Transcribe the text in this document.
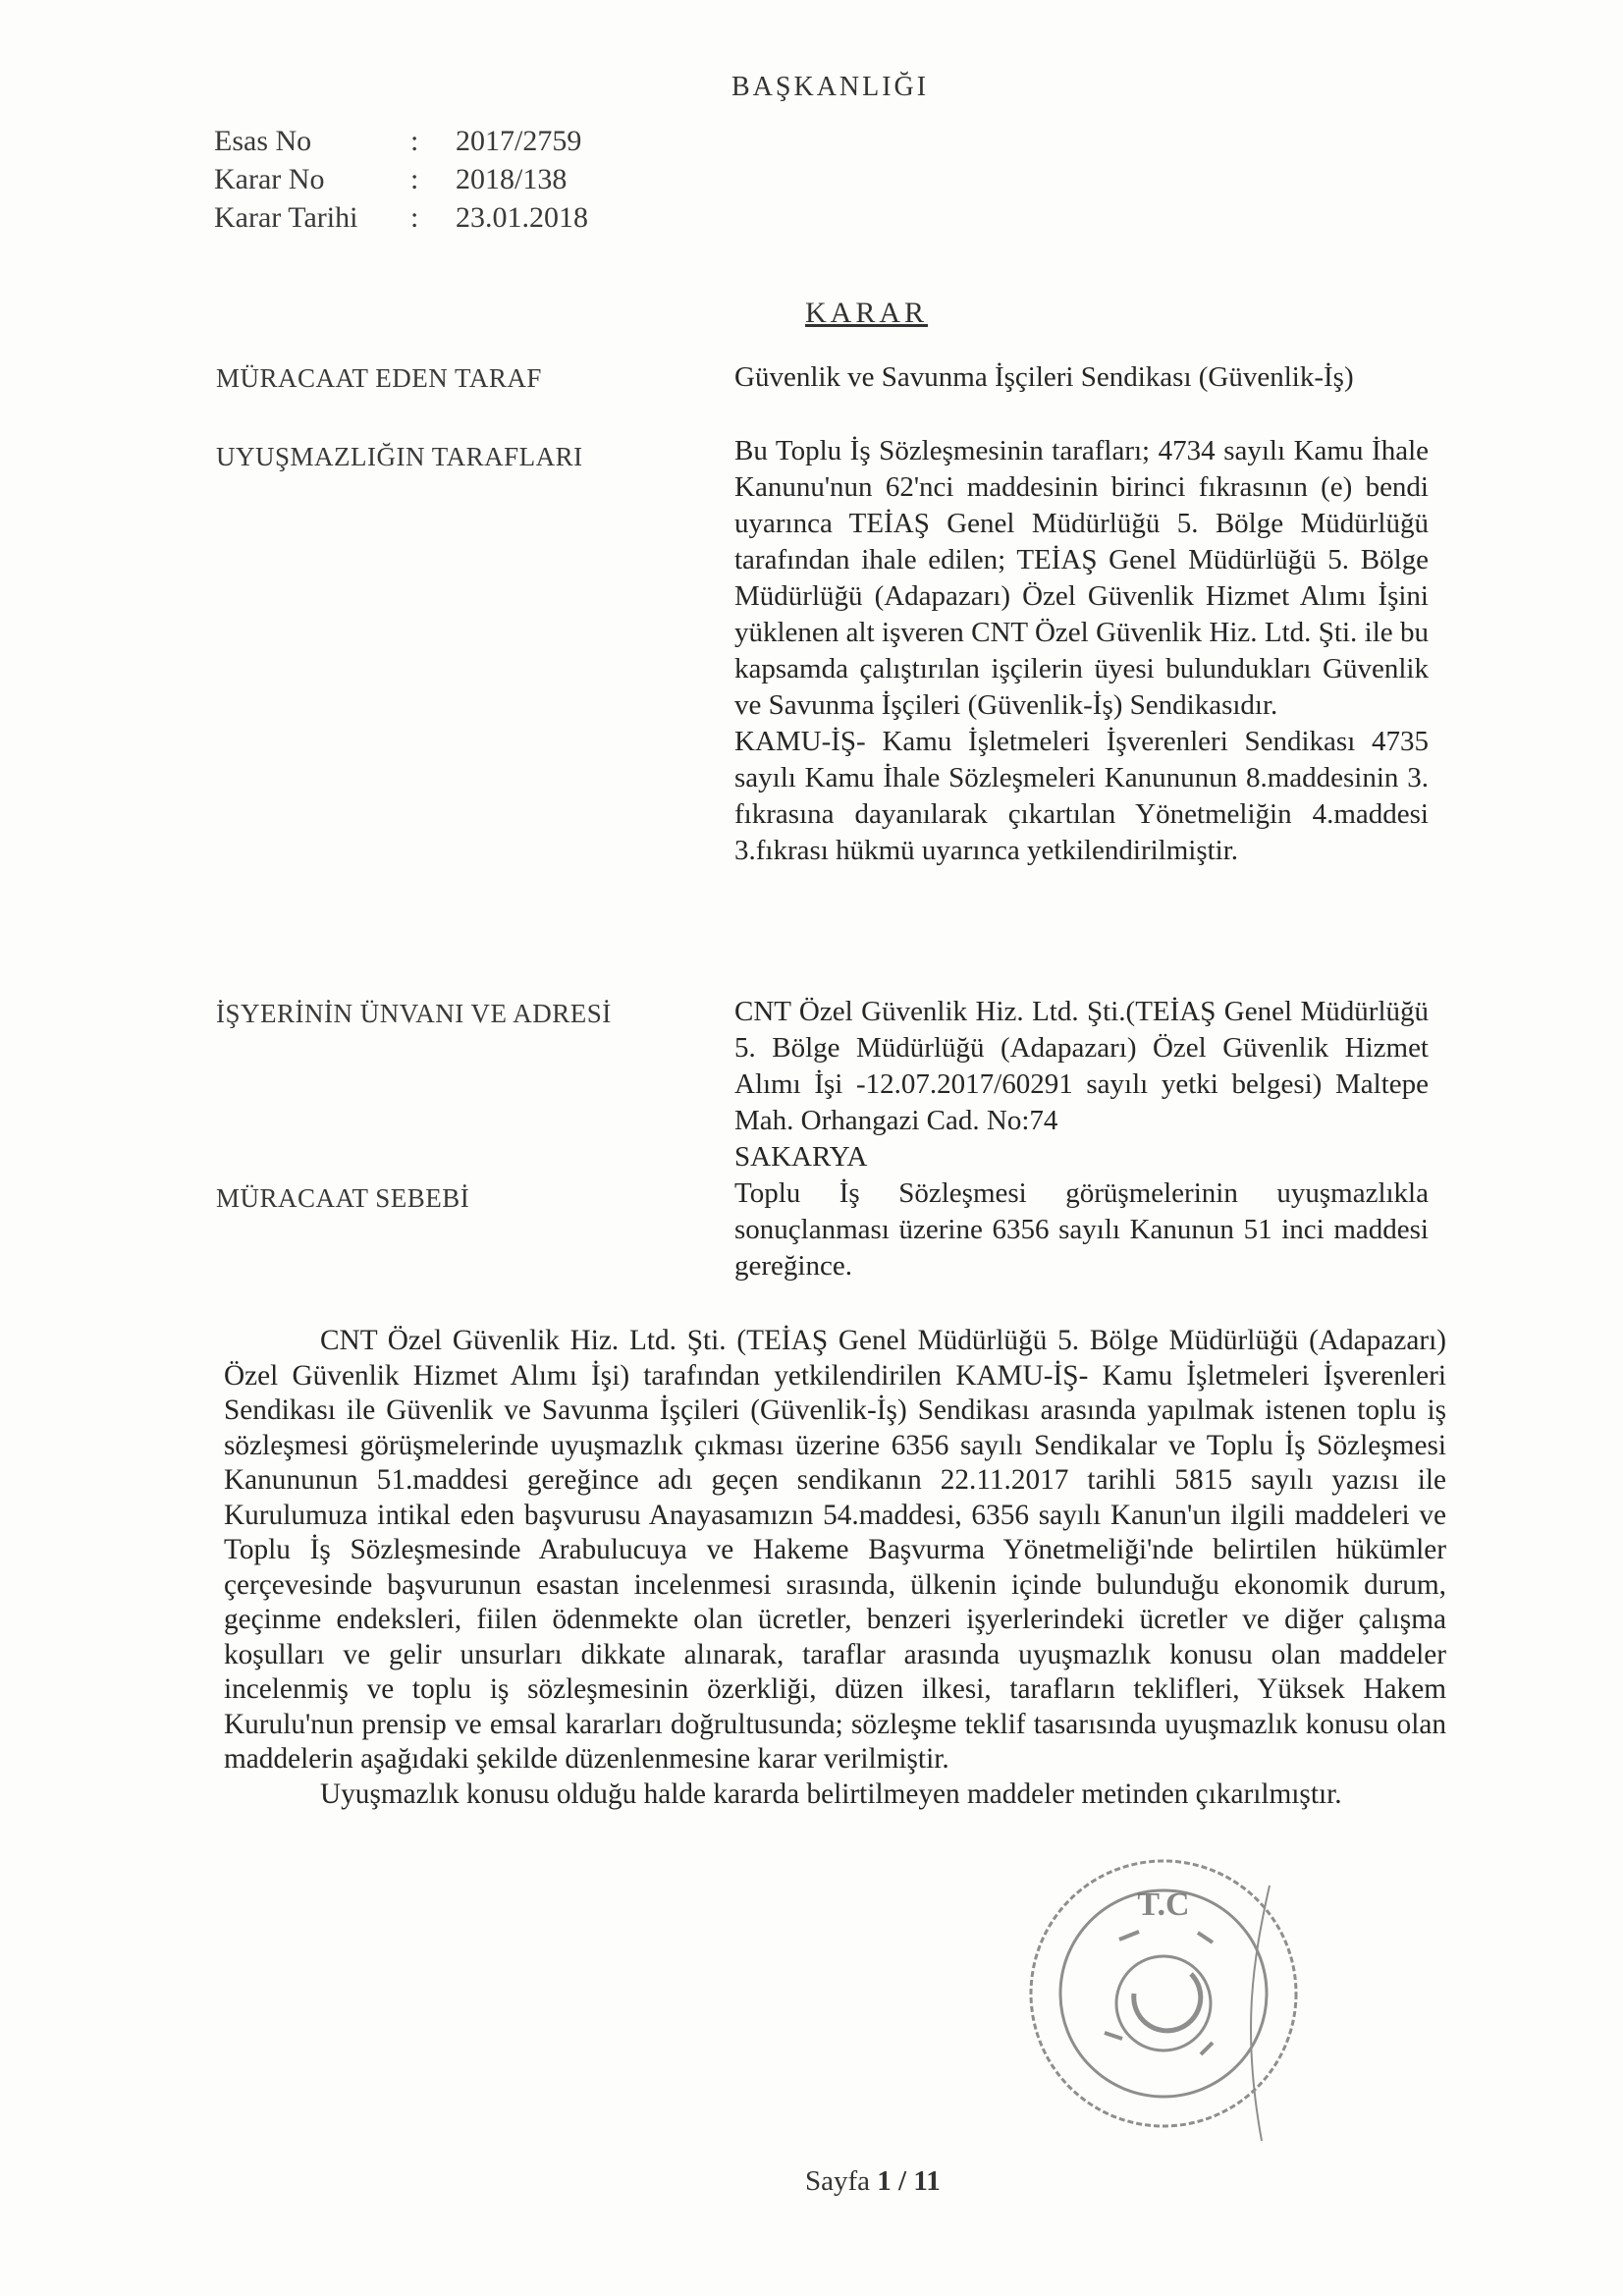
BAŞKANLIĞI
Esas No	:	2017/2759
Karar No	:	2018/138
Karar Tarihi	:	23.01.2018
KARAR
MÜRACAAT EDEN TARAF	Güvenlik ve Savunma İşçileri Sendikası (Güvenlik-İş)

UYUŞMAZLIĞIN TARAFLARI	Bu Toplu İş Sözleşmesinin tarafları; 4734 sayılı Kamu İhale Kanunu'nun 62'nci maddesinin birinci fıkrasının (e) bendi uyarınca TEİAŞ Genel Müdürlüğü 5. Bölge Müdürlüğü tarafından ihale edilen; TEİAŞ Genel Müdürlüğü 5. Bölge Müdürlüğü (Adapazarı) Özel Güvenlik Hizmet Alımı İşini yüklenen alt işveren CNT Özel Güvenlik Hiz. Ltd. Şti. ile bu kapsamda çalıştırılan işçilerin üyesi bulundukları Güvenlik ve Savunma İşçileri (Güvenlik-İş) Sendikasıdır.

KAMU-İŞ- Kamu İşletmeleri İşverenleri Sendikası 4735 sayılı Kamu İhale Sözleşmeleri Kanununun 8.maddesinin 3. fıkrasına dayanılarak çıkartılan Yönetmeliğin 4.maddesi 3.fıkrası hükmü uyarınca yetkilendirilmiştir.

İŞYERİNİN ÜNVANI VE ADRESİ	CNT Özel Güvenlik Hiz. Ltd. Şti.(TEİAŞ Genel Müdürlüğü 5. Bölge Müdürlüğü (Adapazarı) Özel Güvenlik Hizmet Alımı İşi -12.07.2017/60291 sayılı yetki belgesi) Maltepe Mah. Orhangazi Cad. No:74

SAKARYA

MÜRACAAT SEBEBİ	Toplu İş Sözleşmesi görüşmelerinin uyuşmazlıkla sonuçlanması üzerine 6356 sayılı Kanunun 51 inci maddesi gereğince.

CNT Özel Güvenlik Hiz. Ltd. Şti. (TEİAŞ Genel Müdürlüğü 5. Bölge Müdürlüğü (Adapazarı) Özel Güvenlik Hizmet Alımı İşi) tarafından yetkilendirilen KAMU-İŞ- Kamu İşletmeleri İşverenleri Sendikası ile Güvenlik ve Savunma İşçileri (Güvenlik-İş) Sendikası arasında yapılmak istenen toplu iş sözleşmesi görüşmelerinde uyuşmazlık çıkması üzerine 6356 sayılı Sendikalar ve Toplu İş Sözleşmesi Kanununun 51.maddesi gereğince adı geçen sendikanın 22.11.2017 tarihli 5815 sayılı yazısı ile Kurulumuza intikal eden başvurusu Anayasamızın 54.maddesi, 6356 sayılı Kanun'un ilgili maddeleri ve Toplu İş Sözleşmesinde Arabulucuya ve Hakeme Başvurma Yönetmeliği'nde belirtilen hükümler çerçevesinde başvurunun esastan incelenmesi sırasında, ülkenin içinde bulunduğu ekonomik durum, geçinme endeksleri, fiilen ödenmekte olan ücretler, benzeri işyerlerindeki ücretler ve diğer çalışma koşulları ve gelir unsurları dikkate alınarak, taraflar arasında uyuşmazlık konusu olan maddeler incelenmiş ve toplu iş sözleşmesinin özerkliği, düzen ilkesi, tarafların teklifleri, Yüksek Hakem Kurulu'nun prensip ve emsal kararları doğrultusunda; sözleşme teklif tasarısında uyuşmazlık konusu olan maddelerin aşağıdaki şekilde düzenlenmesine karar verilmiştir.

Uyuşmazlık konusu olduğu halde kararda belirtilmeyen maddeler metinden çıkarılmıştır.

T.C
Sayfa 1 / 11
